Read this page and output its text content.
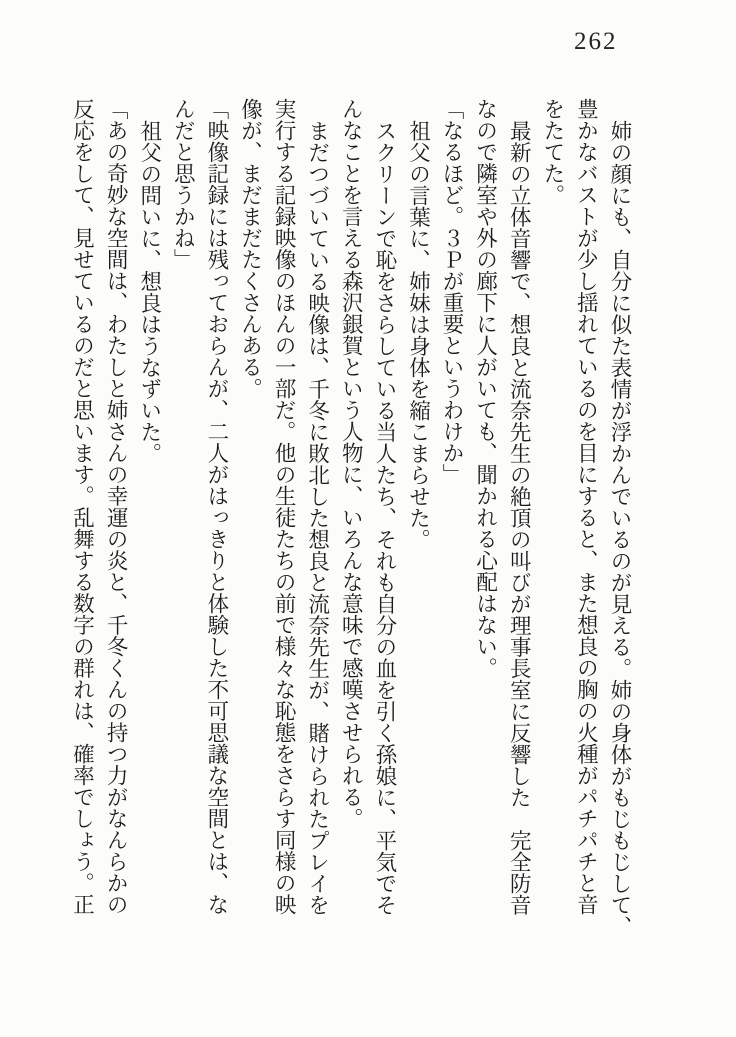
262
姉の顔にも、自分に似た表情が浮かんでいるのが見える。姉の身体がもじもじして、
豊かなバストが少し揺れているのを目にすると、また想良の胸の火種がパチパチと音
をたてた。
最新の立体音響で、想良と流奈先生の絶頂の叫びが理事長室に反響した　完全防音
なので隣室や外の廊下に人がいても、聞かれる心配はない。
「なるほど。３Ｐが重要というわけか」
祖父の言葉に、姉妹は身体を縮こまらせた。
スクリーンで恥をさらしている当人たち、それも自分の血を引く孫娘に、平気でそ
んなことを言える森沢銀賀という人物に、いろんな意味で感嘆させられる。
まだつづいている映像は、千冬に敗北した想良と流奈先生が、賭けられたプレイを
実行する記録映像のほんの一部だ。他の生徒たちの前で様々な恥態をさらす同様の映
像が、まだまだたくさんある。
「映像記録には残っておらんが、二人がはっきりと体験した不可思議な空間とは、な
んだと思うかね」
祖父の問いに、想良はうなずいた。
「あの奇妙な空間は、わたしと姉さんの幸運の炎と、千冬くんの持つ力がなんらかの
反応をして、見せているのだと思います。乱舞する数字の群れは、確率でしょう。正
